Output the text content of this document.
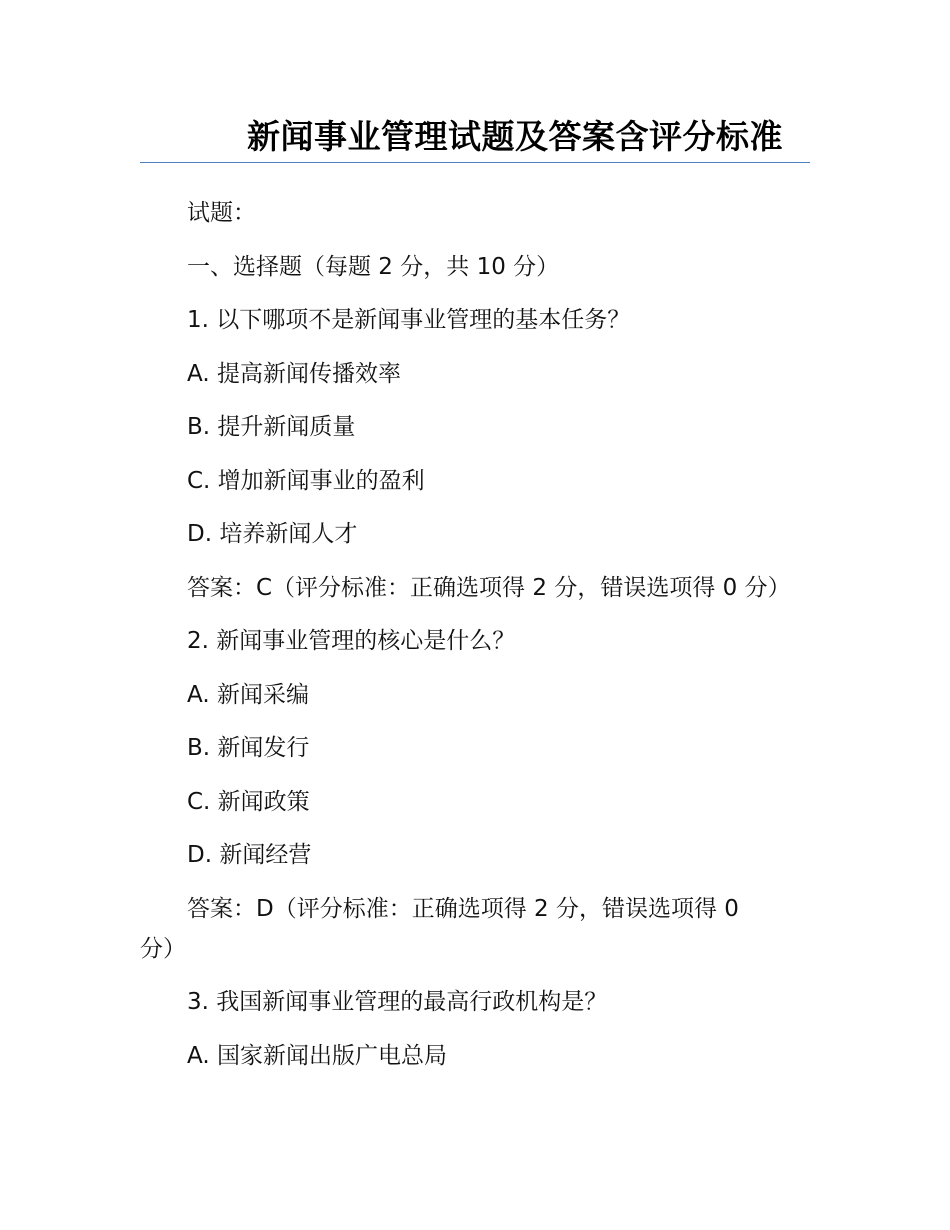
新闻事业管理试题及答案含评分标准

试题：

一、选择题（每题 2 分，共 10 分）

1. 以下哪项不是新闻事业管理的基本任务？

A. 提高新闻传播效率

B. 提升新闻质量

C. 增加新闻事业的盈利

D. 培养新闻人才

答案：C（评分标准：正确选项得 2 分，错误选项得 0 分）

2. 新闻事业管理的核心是什么？

A. 新闻采编

B. 新闻发行

C. 新闻政策

D. 新闻经营

答案：D（评分标准：正确选项得 2 分，错误选项得 0 分）

3. 我国新闻事业管理的最高行政机构是？

A. 国家新闻出版广电总局
